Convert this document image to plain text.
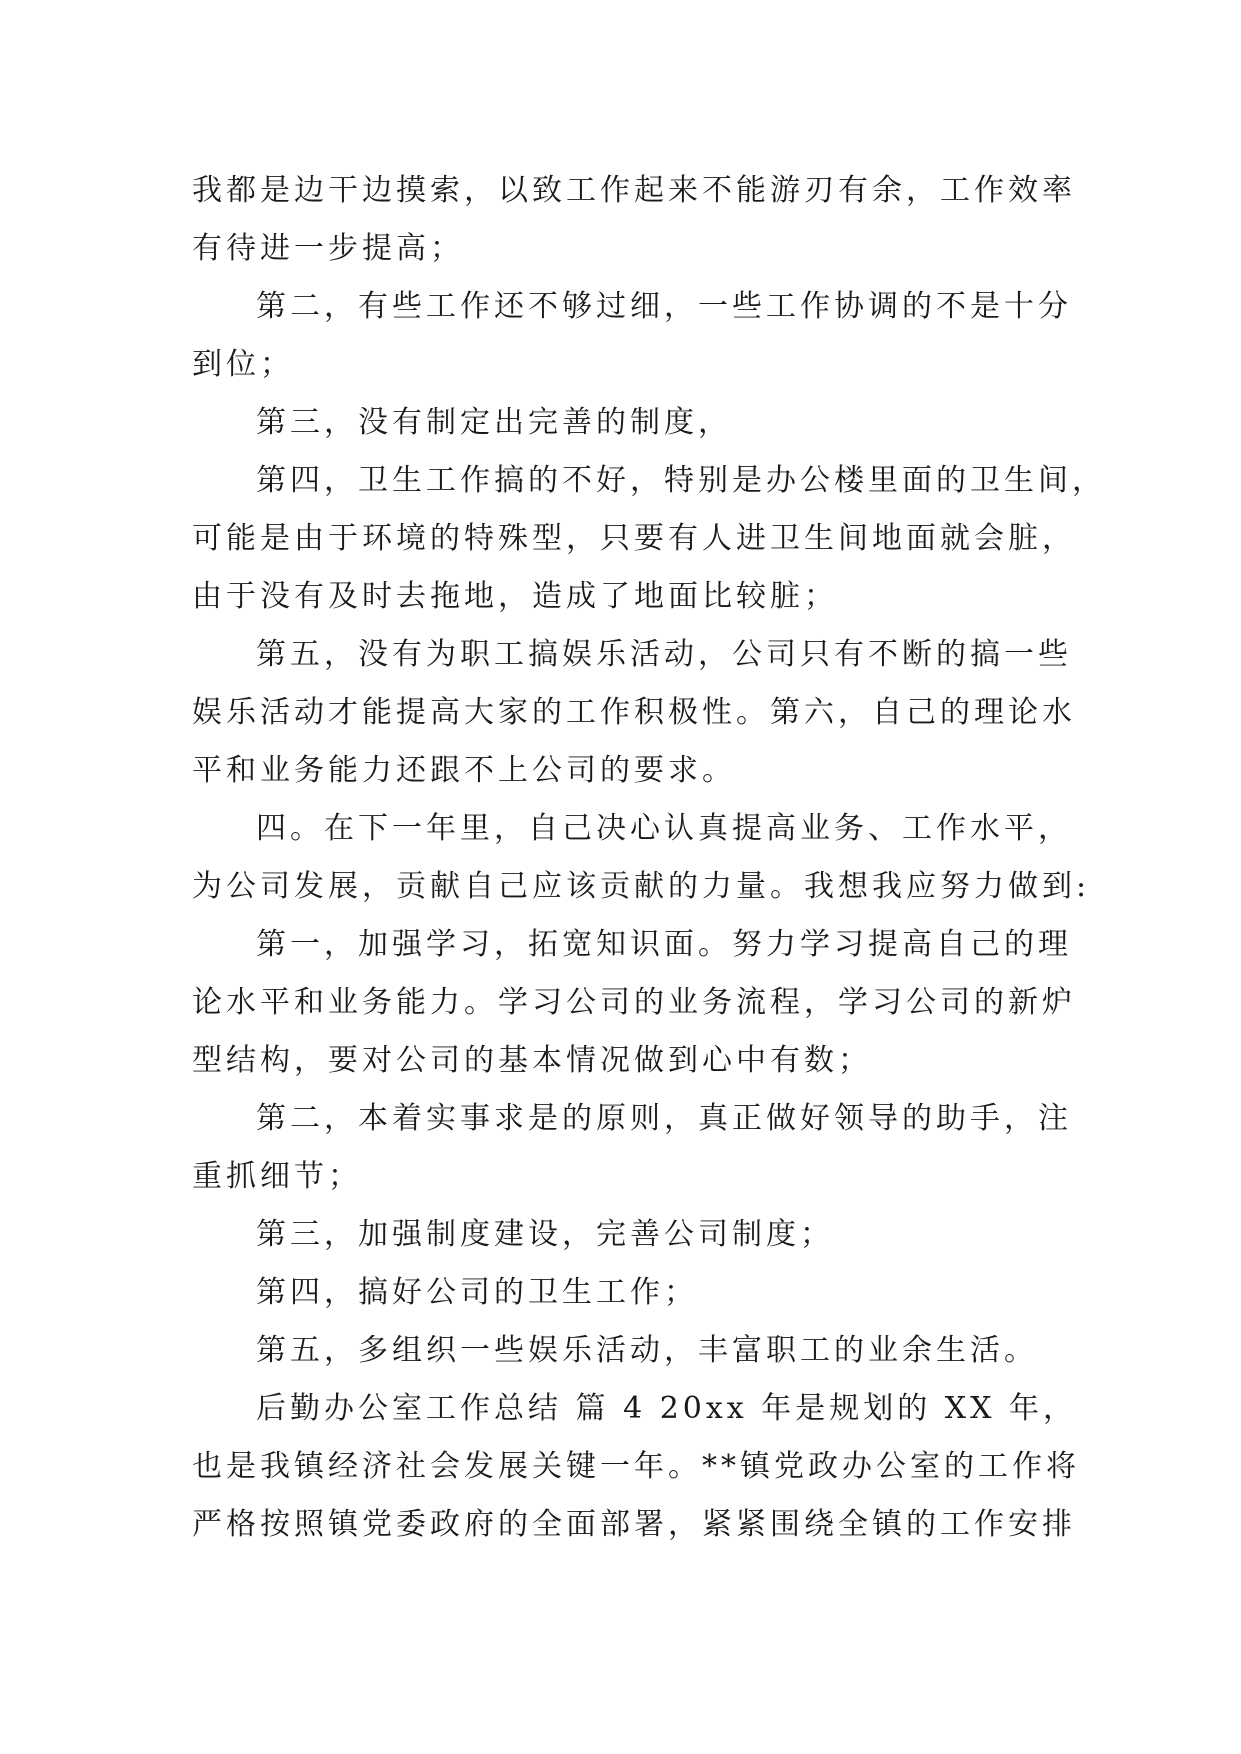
我都是边干边摸索，以致工作起来不能游刃有余，工作效率
有待进一步提高；
第二，有些工作还不够过细，一些工作协调的不是十分
到位；
第三，没有制定出完善的制度，
第四，卫生工作搞的不好，特别是办公楼里面的卫生间，
可能是由于环境的特殊型，只要有人进卫生间地面就会脏，
由于没有及时去拖地，造成了地面比较脏；
第五，没有为职工搞娱乐活动，公司只有不断的搞一些
娱乐活动才能提高大家的工作积极性。第六，自己的理论水
平和业务能力还跟不上公司的要求。
四。在下一年里，自己决心认真提高业务、工作水平，
为公司发展，贡献自己应该贡献的力量。我想我应努力做到:
第一，加强学习，拓宽知识面。努力学习提高自己的理
论水平和业务能力。学习公司的业务流程，学习公司的新炉
型结构，要对公司的基本情况做到心中有数；
第二，本着实事求是的原则，真正做好领导的助手，注
重抓细节；
第三，加强制度建设，完善公司制度；
第四，搞好公司的卫生工作；
第五，多组织一些娱乐活动，丰富职工的业余生活。
后勤办公室工作总结 篇 4 20xx 年是规划的 XX 年，
也是我镇经济社会发展关键一年。**镇党政办公室的工作将
严格按照镇党委政府的全面部署，紧紧围绕全镇的工作安排
